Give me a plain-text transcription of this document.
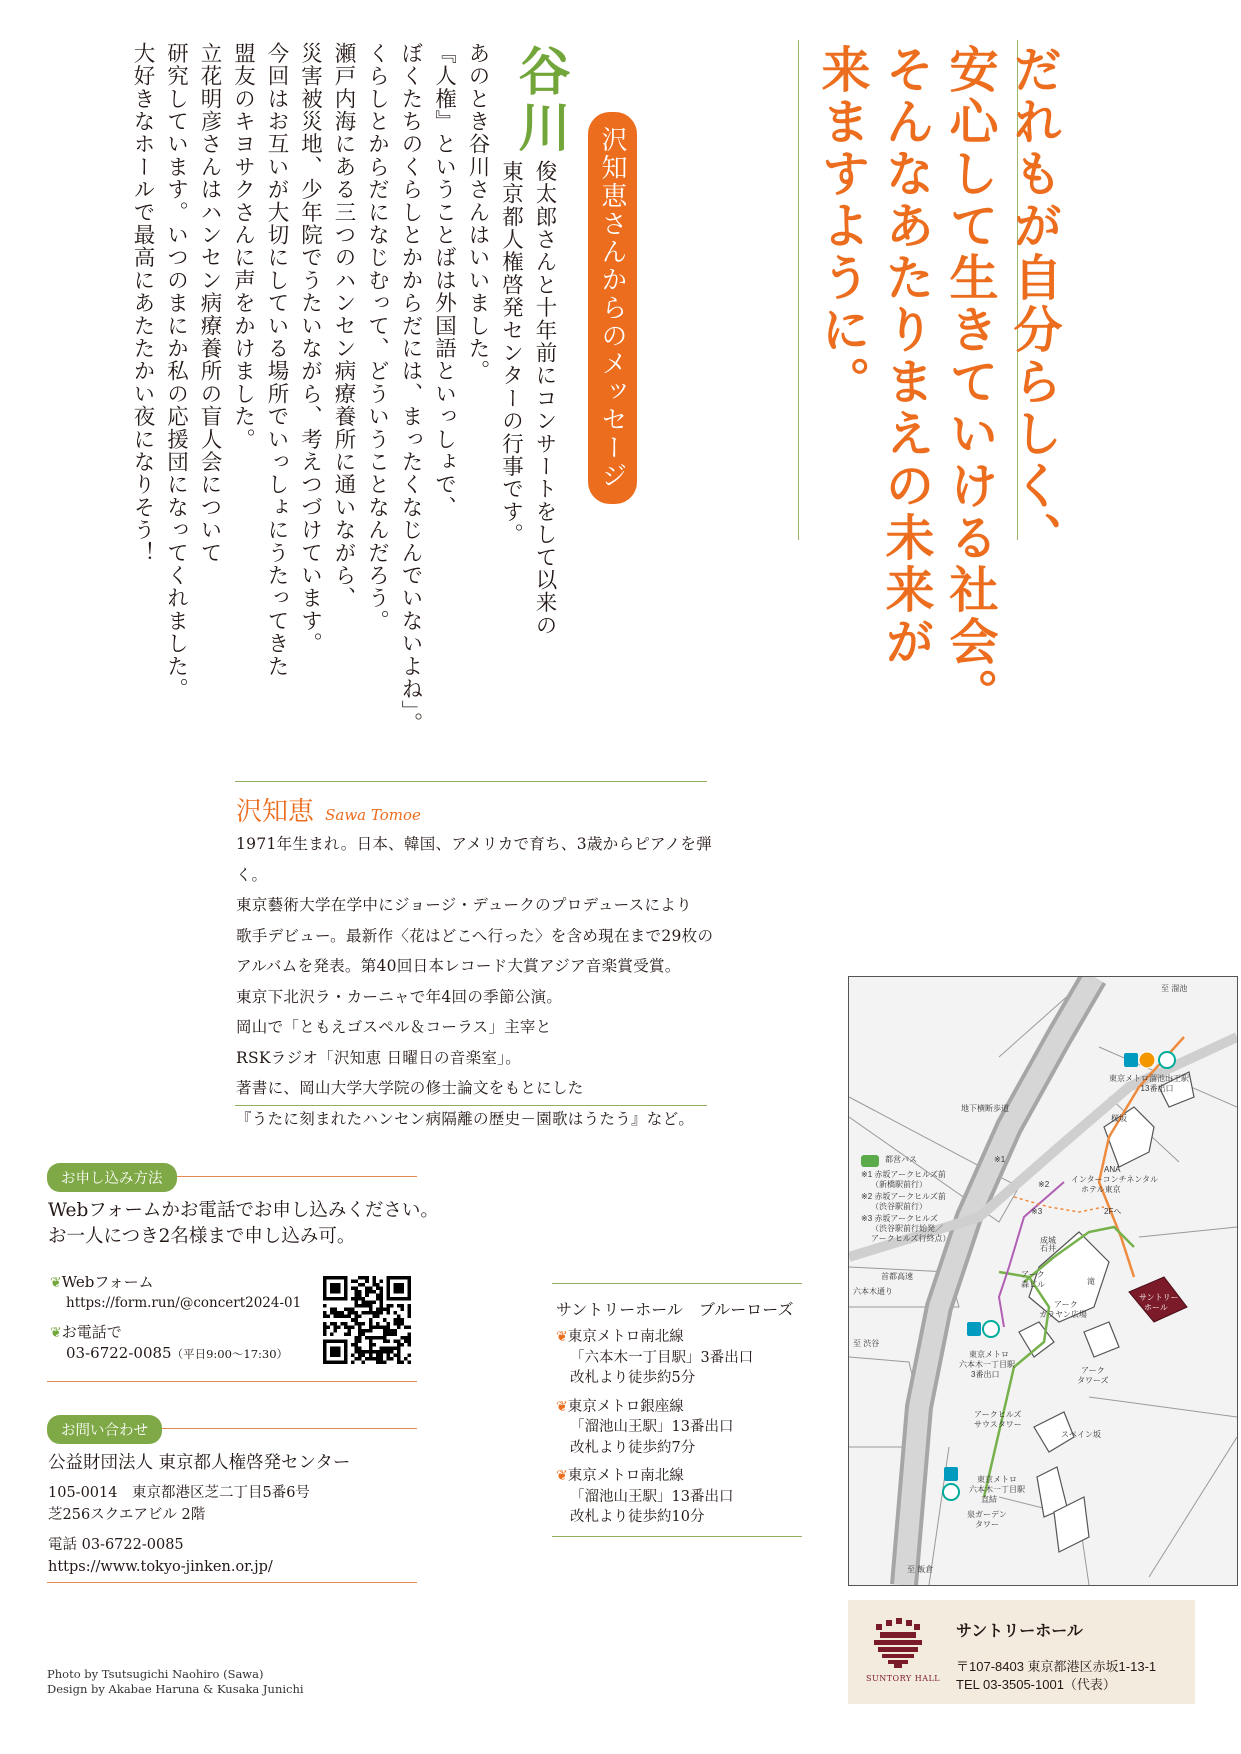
だれもが自分らしく、
安心して生きていける社会。
そんなあたりまえの未来が
来ますように。
沢知恵さんからのメッセージ
谷川
俊太郎さんと十年前にコンサートをして以来の
東京都人権啓発センターの行事です。
あのとき谷川さんはいいました。
『人権』ということばは外国語といっしょで、
ぼくたちのくらしとかからだには、まったくなじんでいないよね」。
くらしとからだになじむって、どういうことなんだろう。
瀬戸内海にある三つのハンセン病療養所に通いながら、
災害被災地、少年院でうたいながら、考えつづけています。
今回はお互いが大切にしている場所でいっしょにうたってきた
盟友のキヨサクさんに声をかけました。
立花明彦さんはハンセン病療養所の盲人会について
研究しています。いつのまにか私の応援団になってくれました。
大好きなホールで最高にあたたかい夜になりそう！
沢知恵 Sawa Tomoe
1971年生まれ。日本、韓国、アメリカで育ち、3歳からピアノを弾く。
東京藝術大学在学中にジョージ・デュークのプロデュースにより
歌手デビュー。最新作〈花はどこへ行った〉を含め現在まで29枚の
アルバムを発表。第40回日本レコード大賞アジア音楽賞受賞。
東京下北沢ラ・カーニャで年4回の季節公演。
岡山で「ともえゴスペル＆コーラス」主宰と
RSKラジオ「沢知恵 日曜日の音楽室」。
著書に、岡山大学大学院の修士論文をもとにした
『うたに刻まれたハンセン病隔離の歴史－園歌はうたう』など。
お申し込み方法
Webフォームかお電話でお申し込みください。
お一人につき2名様まで申し込み可。
❦Webフォーム
https://form.run/@concert2024-01
❦お電話で
03-6722-0085（平日9:00〜17:30）
お問い合わせ
公益財団法人 東京都人権啓発センター
105-0014　東京都港区芝二丁目5番6号
芝256スクエアビル 2階
電話 03-6722-0085
https://www.tokyo-jinken.or.jp/
サントリーホール　ブルーローズ
❦東京メトロ南北線
「六本木一丁目駅」3番出口
改札より徒歩約5分
❦東京メトロ銀座線
「溜池山王駅」13番出口
改札より徒歩約7分
❦東京メトロ南北線
「溜池山王駅」13番出口
改札より徒歩約10分
至 溜池
東京メトロ溜池山王駅
13番出口
地下横断歩道
桜坂
都営バス
※1 赤坂アークヒルズ前
（新橋駅前行）
※2 赤坂アークヒルズ前
（渋谷駅前行）
※3 赤坂アークヒルズ
（渋谷駅前行始発／
アークヒルズ行終点）
ANA
インターコンチネンタル
ホテル東京
2Fへ
首都高速
六本木通り
至 渋谷
アーク
森ビル
アーク
カラヤン広場
サントリー
ホール
アーク
タワーズ
東京メトロ
六本木一丁目駅
3番出口
アークヒルズ
サウスタワー
スペイン坂
東京メトロ
六本木一丁目駅
直結
泉ガーデン
タワー
至 飯倉
滝
成城
石井
※1
※2
※3
SUNTORY HALL
サントリーホール
〒107-8403 東京都港区赤坂1-13-1
TEL 03-3505-1001（代表）
Photo by Tsutsugichi Naohiro (Sawa)
Design by Akabae Haruna & Kusaka Junichi
